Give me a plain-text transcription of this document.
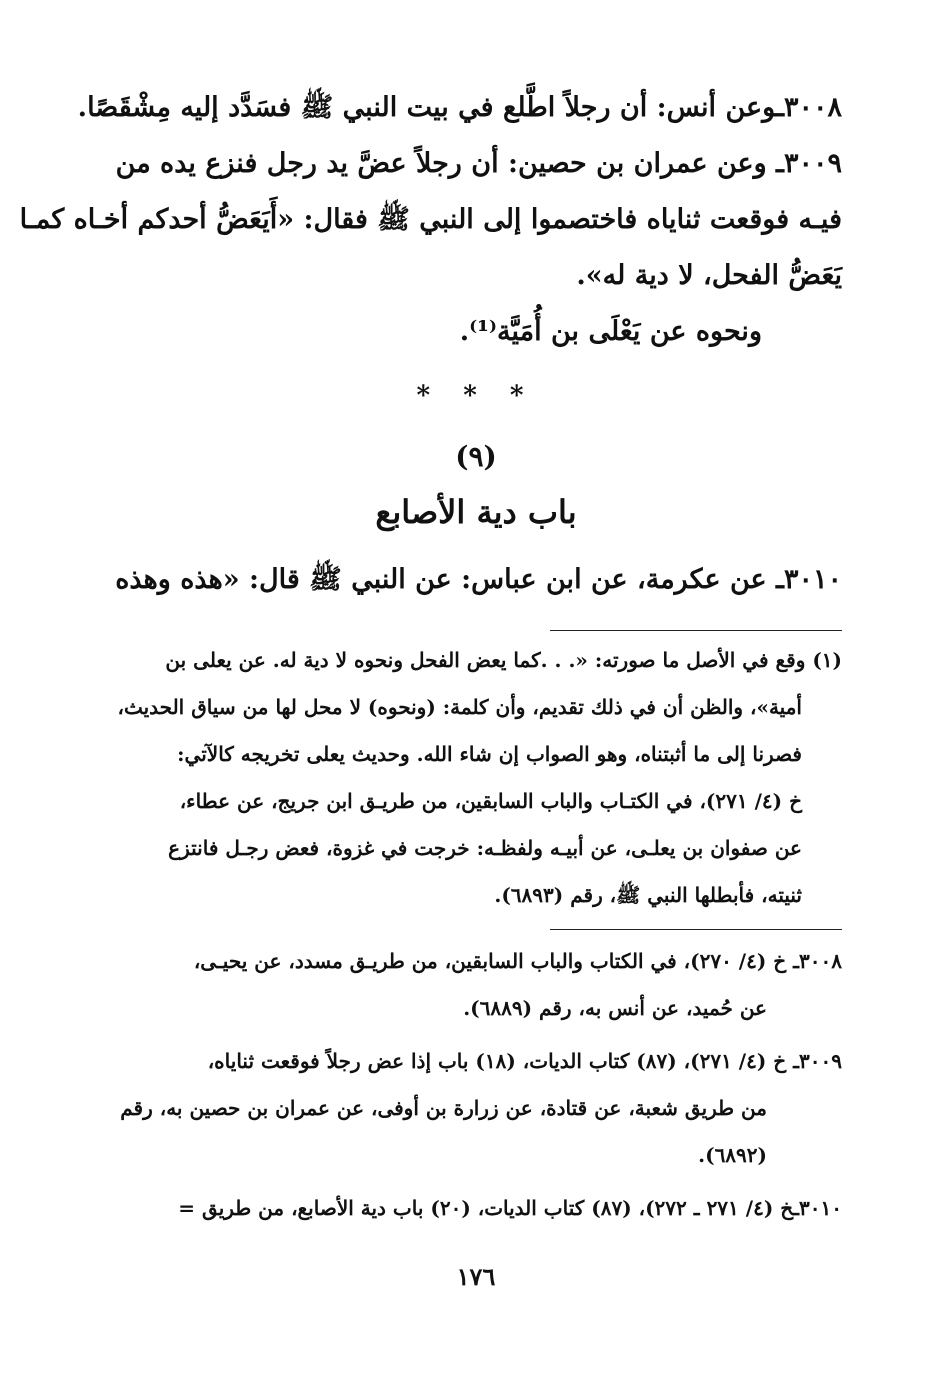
٣٠٠٨ـوعن أنس: أن رجلاً اطَّلع في بيت النبي ﷺ فسَدَّد إليه مِشْقَصًا.
٣٠٠٩ـ وعن عمران بن حصين: أن رجلاً عضَّ يد رجل فنزع يده من
فيـه فوقعت ثناياه فاختصموا إلى النبي ﷺ فقال: «أَيَعَضُّ أحدكم أخـاه كمـا
يَعَضُّ الفحل، لا دية له».
ونحوه عن يَعْلَى بن أُمَيَّة⁽¹⁾.
* * *
(٩)
باب دية الأصابع
٣٠١٠ـ عن عكرمة، عن ابن عباس: عن النبي ﷺ قال: «هذه وهذه
(١) وقع في الأصل ما صورته: «. . .كما يعض الفحل ونحوه لا دية له. عن يعلى بن
أمية»، والظن أن في ذلك تقديم، وأن كلمة: (ونحوه) لا محل لها من سياق الحديث،
فصرنا إلى ما أثبتناه، وهو الصواب إن شاء الله. وحديث يعلى تخريجه كالآتي:
خ (٤/ ٢٧١)، في الكتـاب والباب السابقين، من طريـق ابن جريج، عن عطاء،
عن صفوان بن يعلـى، عن أبيـه ولفظـه: خرجت في غزوة، فعض رجـل فانتزع
ثنيته، فأبطلها النبي ﷺ، رقم (٦٨٩٣).
٣٠٠٨ـ خ (٤/ ٢٧٠)، في الكتاب والباب السابقين، من طريـق مسدد، عن يحيـى،
عن حُميد، عن أنس به، رقم (٦٨٨٩).
٣٠٠٩ـ خ (٤/ ٢٧١)، (٨٧) كتاب الديات، (١٨) باب إذا عض رجلاً فوقعت ثناياه،
من طريق شعبة، عن قتادة، عن زرارة بن أوفى، عن عمران بن حصين به، رقم
(٦٨٩٢).
٣٠١٠ـخ (٤/ ٢٧١ ـ ٢٧٢)، (٨٧) كتاب الديات، (٢٠) باب دية الأصابع، من طريق =
١٧٦
